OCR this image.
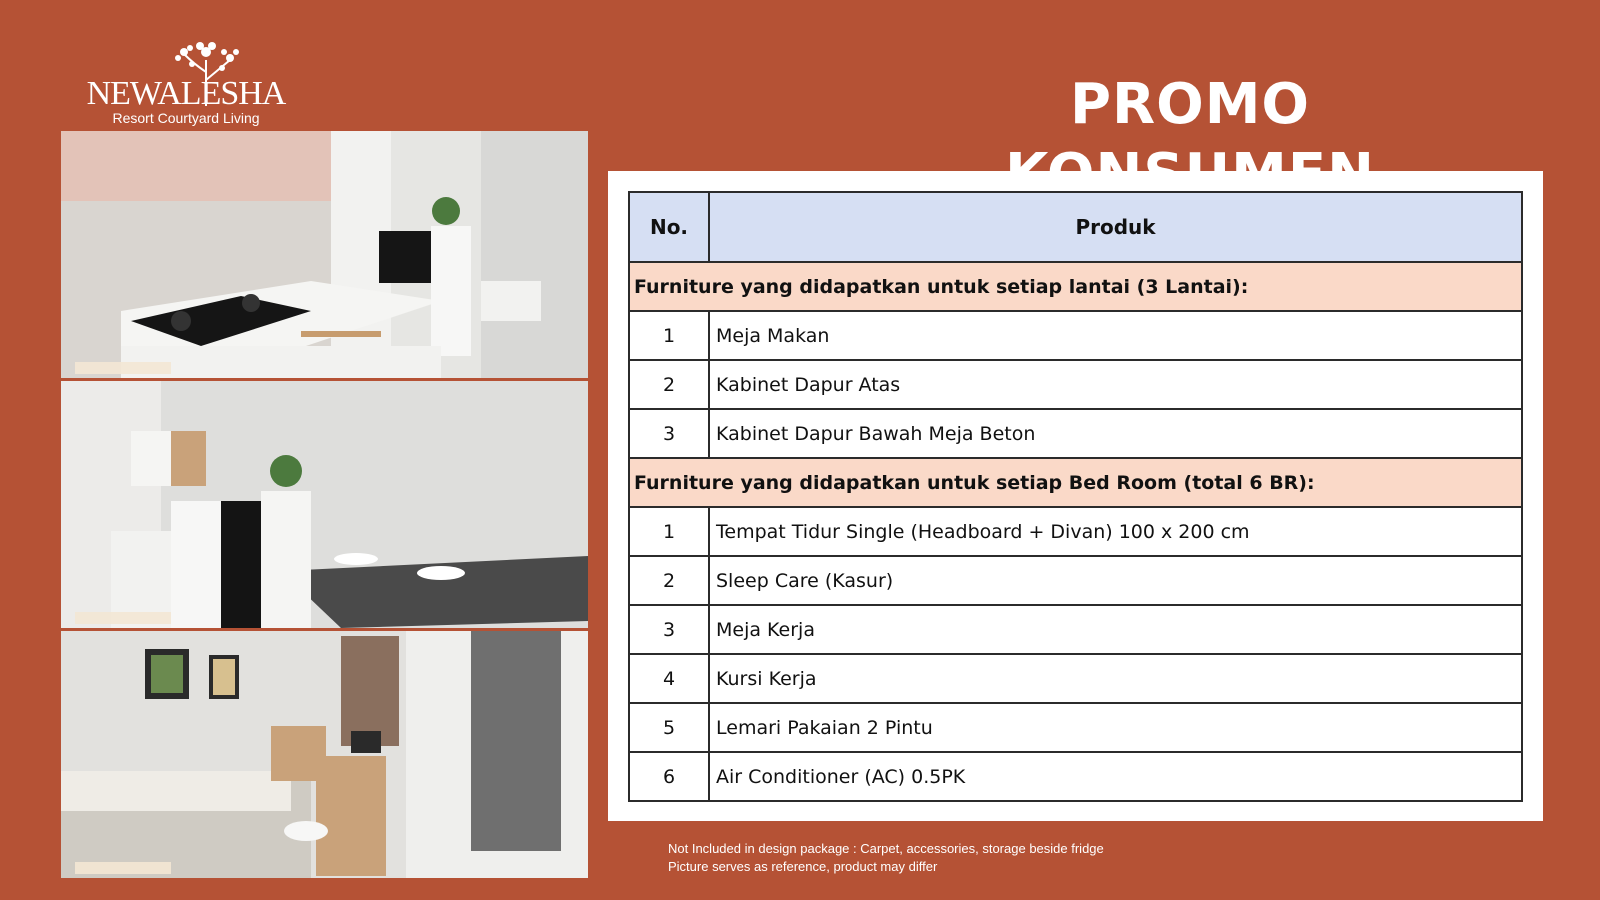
NEWALESHA
Resort Courtyard Living	PROMO
No.	Produk
Furniture yang didapatkan untuk setiap lantai (3 Lantai):	
1	Meja Makan
2	Kabinet Dapur Atas
3	Kabinet Dapur Bawah Meja Beton
Furniture yang didapatkan untuk setiap Bed Room (total 6 BR):	
1	Tempat Tidur Single (Headboard + Divan) 100 x 200 cm
2	Sleep Care (Kasur)
3	Meja Kerja
4	Kursi Kerja
5	Lemari Pakaian 2 Pintu
6	Air Conditioner (AC) 0.5PK
Not Included in design package : Carpet, accessories, storage beside fridge
Picture serves as reference, product may differ
